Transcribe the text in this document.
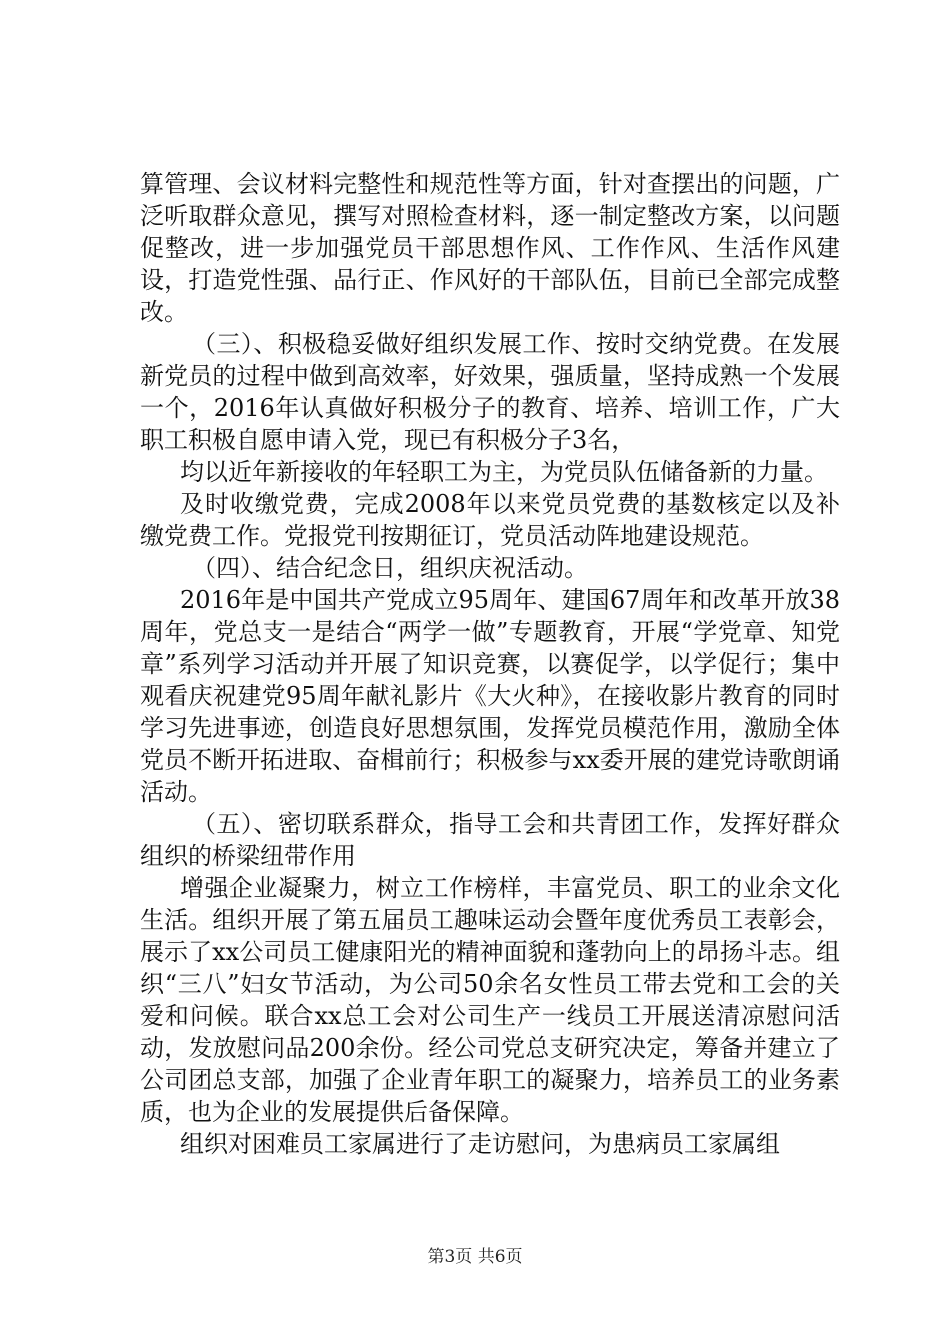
算管理、会议材料完整性和规范性等方面，针对查摆出的问题，广泛听取群众意见，撰写对照检查材料，逐一制定整改方案，以问题促整改，进一步加强党员干部思想作风、工作作风、生活作风建设，打造党性强、品行正、作风好的干部队伍，目前已全部完成整改。

（三）、积极稳妥做好组织发展工作、按时交纳党费。在发展新党员的过程中做到高效率，好效果，强质量，坚持成熟一个发展一个，2016年认真做好积极分子的教育、培养、培训工作，广大职工积极自愿申请入党，现已有积极分子3名，

均以近年新接收的年轻职工为主，为党员队伍储备新的力量。

及时收缴党费，完成2008年以来党员党费的基数核定以及补缴党费工作。党报党刊按期征订，党员活动阵地建设规范。

（四）、结合纪念日，组织庆祝活动。

2016年是中国共产党成立95周年、建国67周年和改革开放38周年，党总支一是结合“两学一做”专题教育，开展“学党章、知党章”系列学习活动并开展了知识竞赛，以赛促学，以学促行；集中观看庆祝建党95周年献礼影片《大火种》，在接收影片教育的同时学习先进事迹，创造良好思想氛围，发挥党员模范作用，激励全体党员不断开拓进取、奋楫前行；积极参与xx委开展的建党诗歌朗诵活动。

（五）、密切联系群众，指导工会和共青团工作，发挥好群众组织的桥梁纽带作用

增强企业凝聚力，树立工作榜样，丰富党员、职工的业余文化生活。组织开展了第五届员工趣味运动会暨年度优秀员工表彰会，展示了xx公司员工健康阳光的精神面貌和蓬勃向上的昂扬斗志。组织“三八”妇女节活动，为公司50余名女性员工带去党和工会的关爱和问候。联合xx总工会对公司生产一线员工开展送清凉慰问活动，发放慰问品200余份。经公司党总支研究决定，筹备并建立了公司团总支部，加强了企业青年职工的凝聚力，培养员工的业务素质，也为企业的发展提供后备保障。

组织对困难员工家属进行了走访慰问，为患病员工家属组

第3页 共6页
